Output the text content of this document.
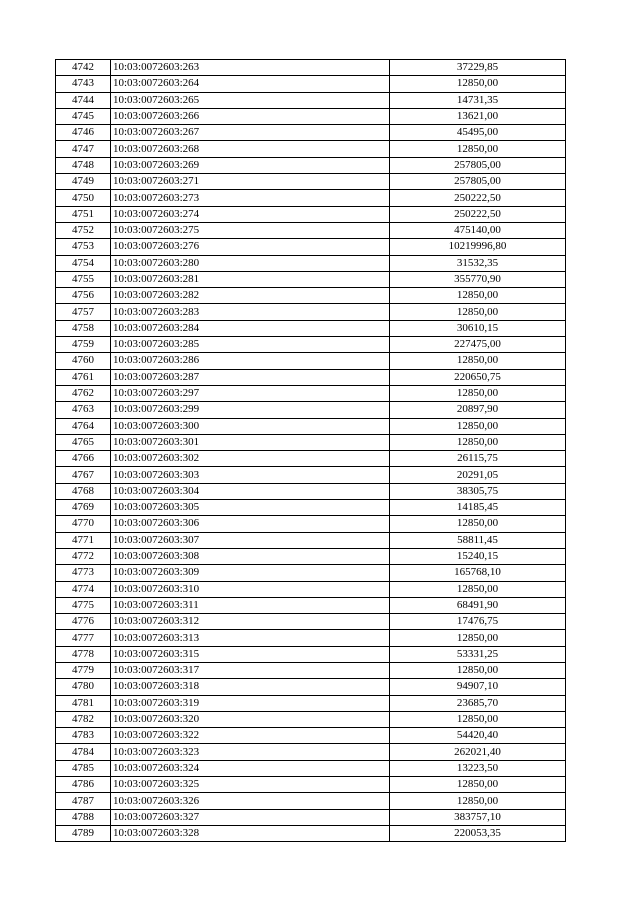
4742	10:03:0072603:263	37229,85
4743	10:03:0072603:264	12850,00
4744	10:03:0072603:265	14731,35
4745	10:03:0072603:266	13621,00
4746	10:03:0072603:267	45495,00
4747	10:03:0072603:268	12850,00
4748	10:03:0072603:269	257805,00
4749	10:03:0072603:271	257805,00
4750	10:03:0072603:273	250222,50
4751	10:03:0072603:274	250222,50
4752	10:03:0072603:275	475140,00
4753	10:03:0072603:276	10219996,80
4754	10:03:0072603:280	31532,35
4755	10:03:0072603:281	355770,90
4756	10:03:0072603:282	12850,00
4757	10:03:0072603:283	12850,00
4758	10:03:0072603:284	30610,15
4759	10:03:0072603:285	227475,00
4760	10:03:0072603:286	12850,00
4761	10:03:0072603:287	220650,75
4762	10:03:0072603:297	12850,00
4763	10:03:0072603:299	20897,90
4764	10:03:0072603:300	12850,00
4765	10:03:0072603:301	12850,00
4766	10:03:0072603:302	26115,75
4767	10:03:0072603:303	20291,05
4768	10:03:0072603:304	38305,75
4769	10:03:0072603:305	14185,45
4770	10:03:0072603:306	12850,00
4771	10:03:0072603:307	58811,45
4772	10:03:0072603:308	15240,15
4773	10:03:0072603:309	165768,10
4774	10:03:0072603:310	12850,00
4775	10:03:0072603:311	68491,90
4776	10:03:0072603:312	17476,75
4777	10:03:0072603:313	12850,00
4778	10:03:0072603:315	53331,25
4779	10:03:0072603:317	12850,00
4780	10:03:0072603:318	94907,10
4781	10:03:0072603:319	23685,70
4782	10:03:0072603:320	12850,00
4783	10:03:0072603:322	54420,40
4784	10:03:0072603:323	262021,40
4785	10:03:0072603:324	13223,50
4786	10:03:0072603:325	12850,00
4787	10:03:0072603:326	12850,00
4788	10:03:0072603:327	383757,10
4789	10:03:0072603:328	220053,35
